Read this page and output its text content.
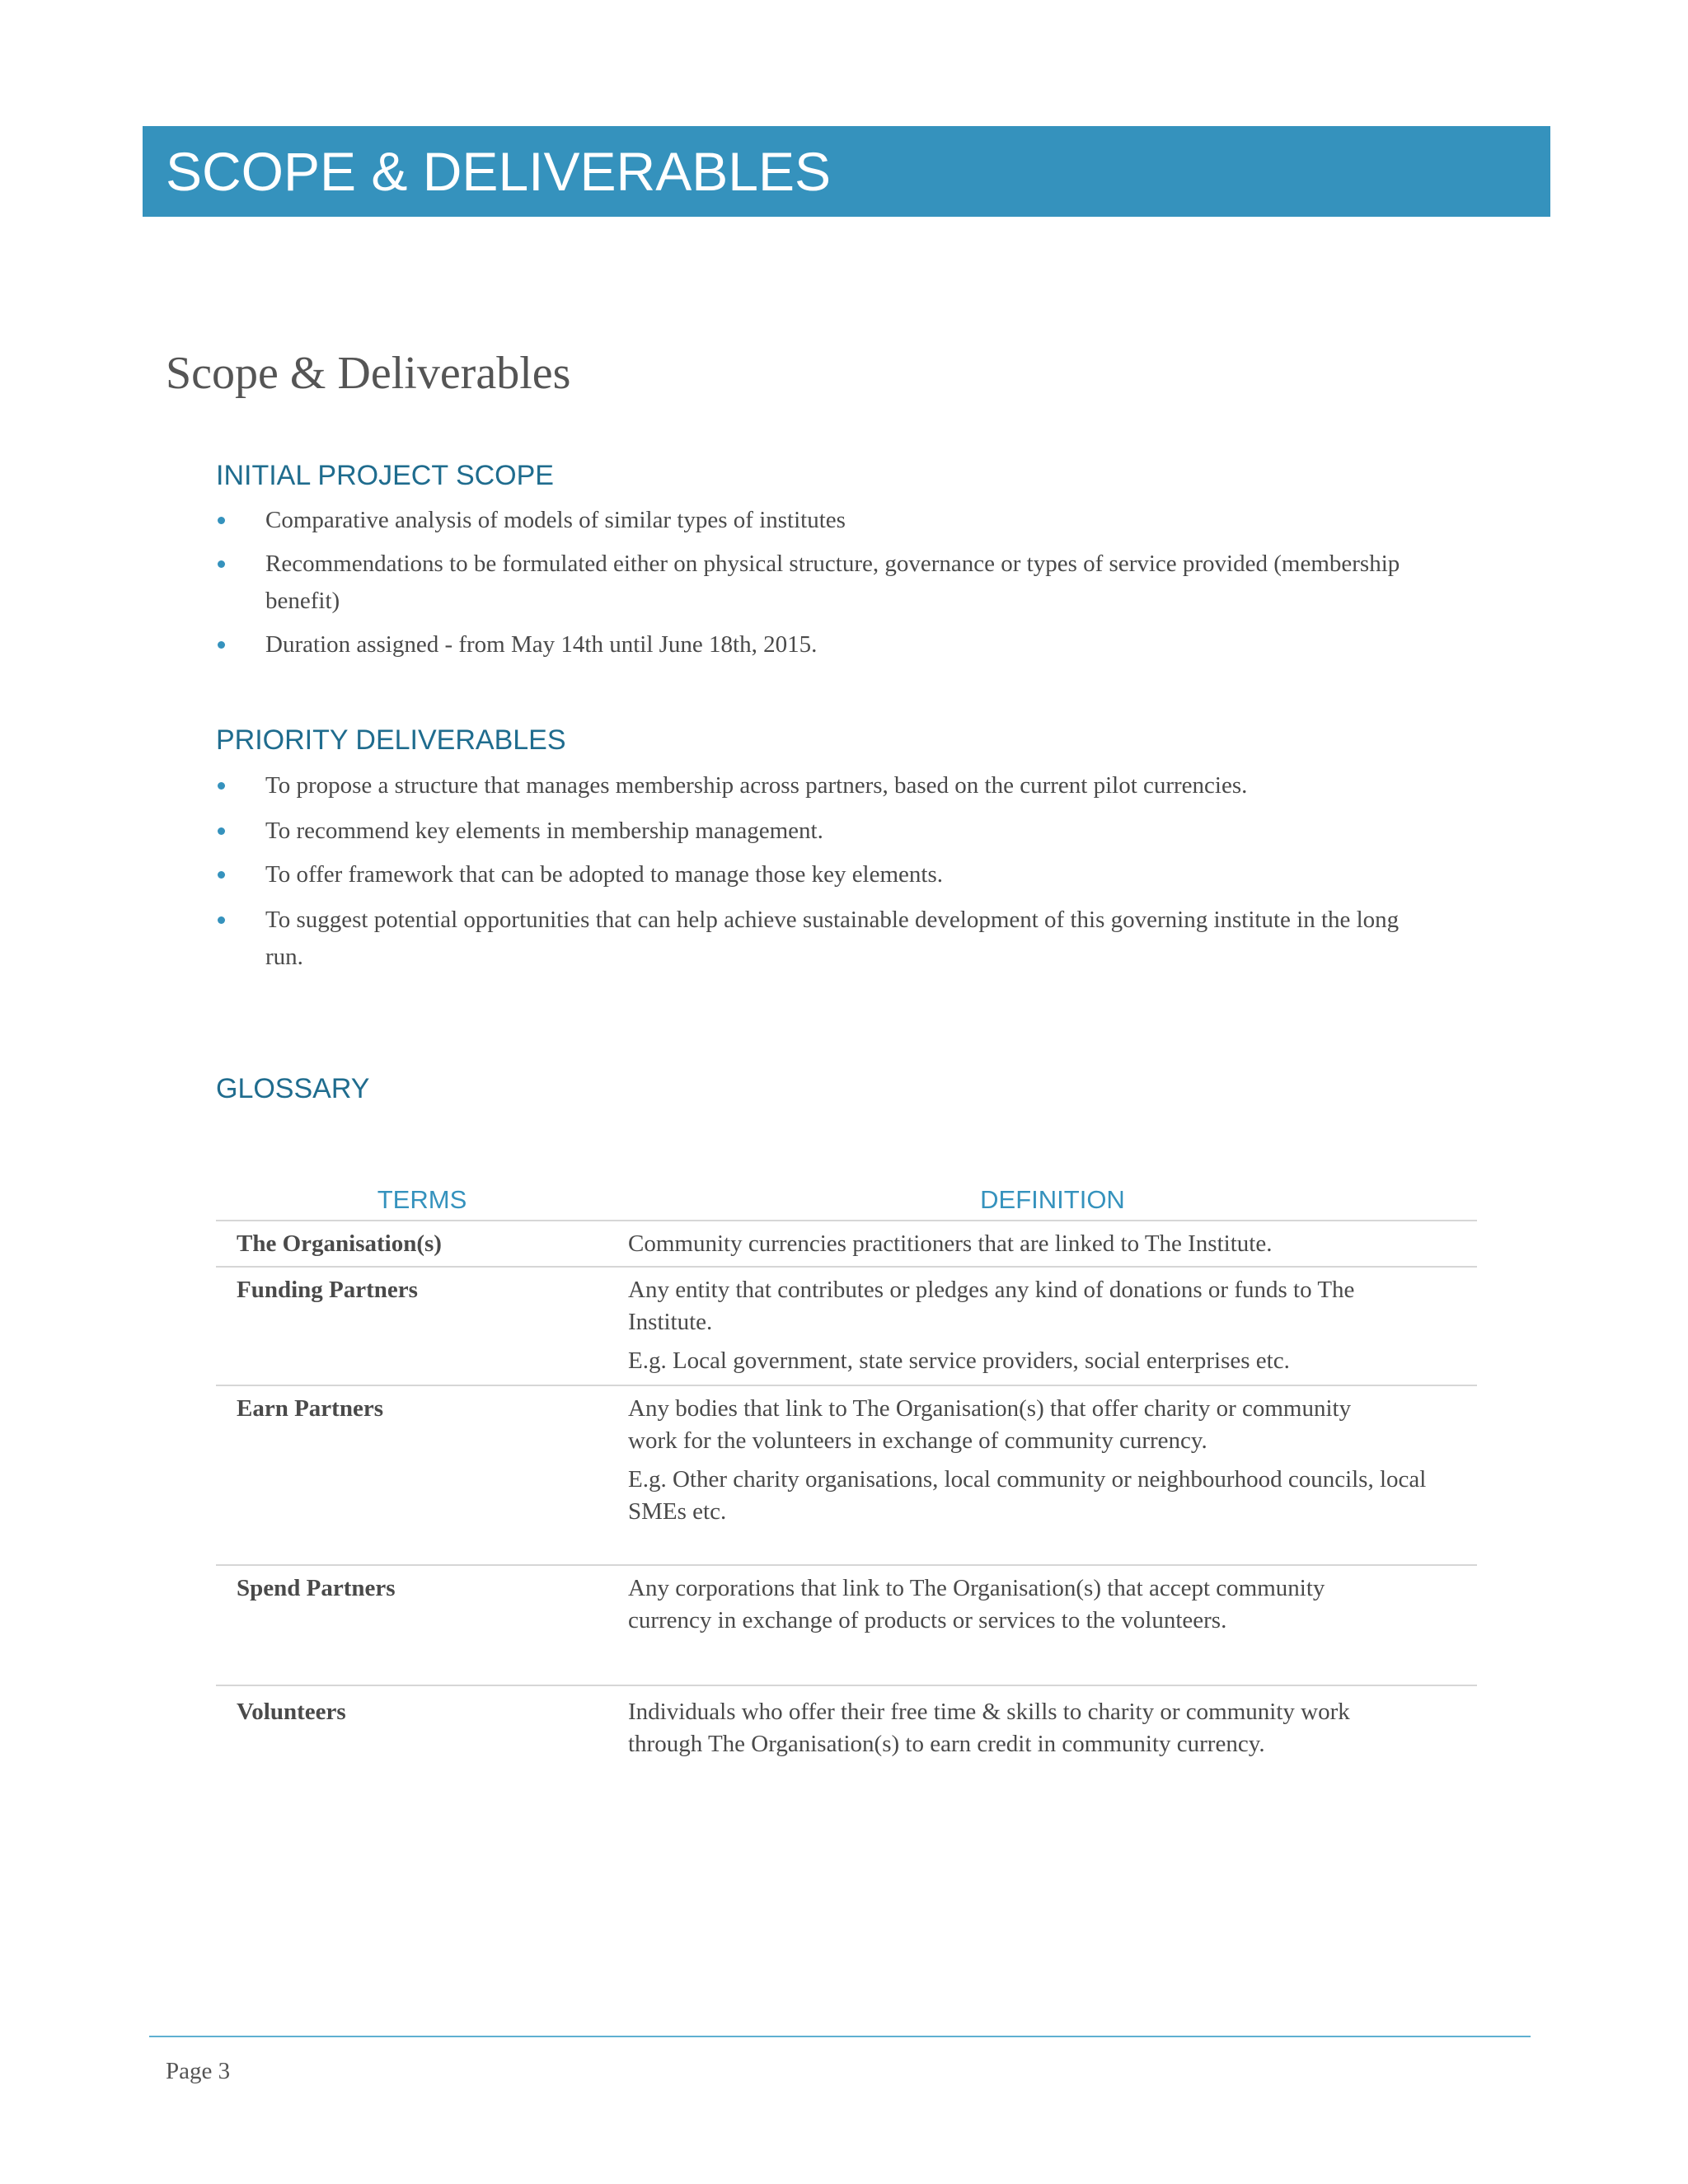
SCOPE & DELIVERABLES
Scope & Deliverables
INITIAL PROJECT SCOPE
Comparative analysis of models of similar types of institutes
Recommendations to be formulated either on physical structure, governance or types of service provided (membership benefit)
Duration assigned - from May 14th until June 18th, 2015.
PRIORITY DELIVERABLES
To propose a structure that manages membership across partners, based on the current pilot currencies.
To recommend key elements in membership management.
To offer framework that can be adopted to manage those key elements.
To suggest potential opportunities that can help achieve sustainable development of this governing institute in the long run.
GLOSSARY
TERMS	DEFINITION
The Organisation(s)	Community currencies practitioners that are linked to The Institute.

Funding Partners	Any entity that contributes or pledges any kind of donations or funds to The Institute.

E.g. Local government, state service providers, social enterprises etc.

Earn Partners	Any bodies that link to The Organisation(s) that offer charity or community work for the volunteers in exchange of community currency.

E.g. Other charity organisations, local community or neighbourhood councils, local SMEs etc.

Spend Partners	Any corporations that link to The Organisation(s) that accept community currency in exchange of products or services to the volunteers.

Volunteers	Individuals who offer their free time & skills to charity or community work through The Organisation(s) to earn credit in community currency.

Page 3
